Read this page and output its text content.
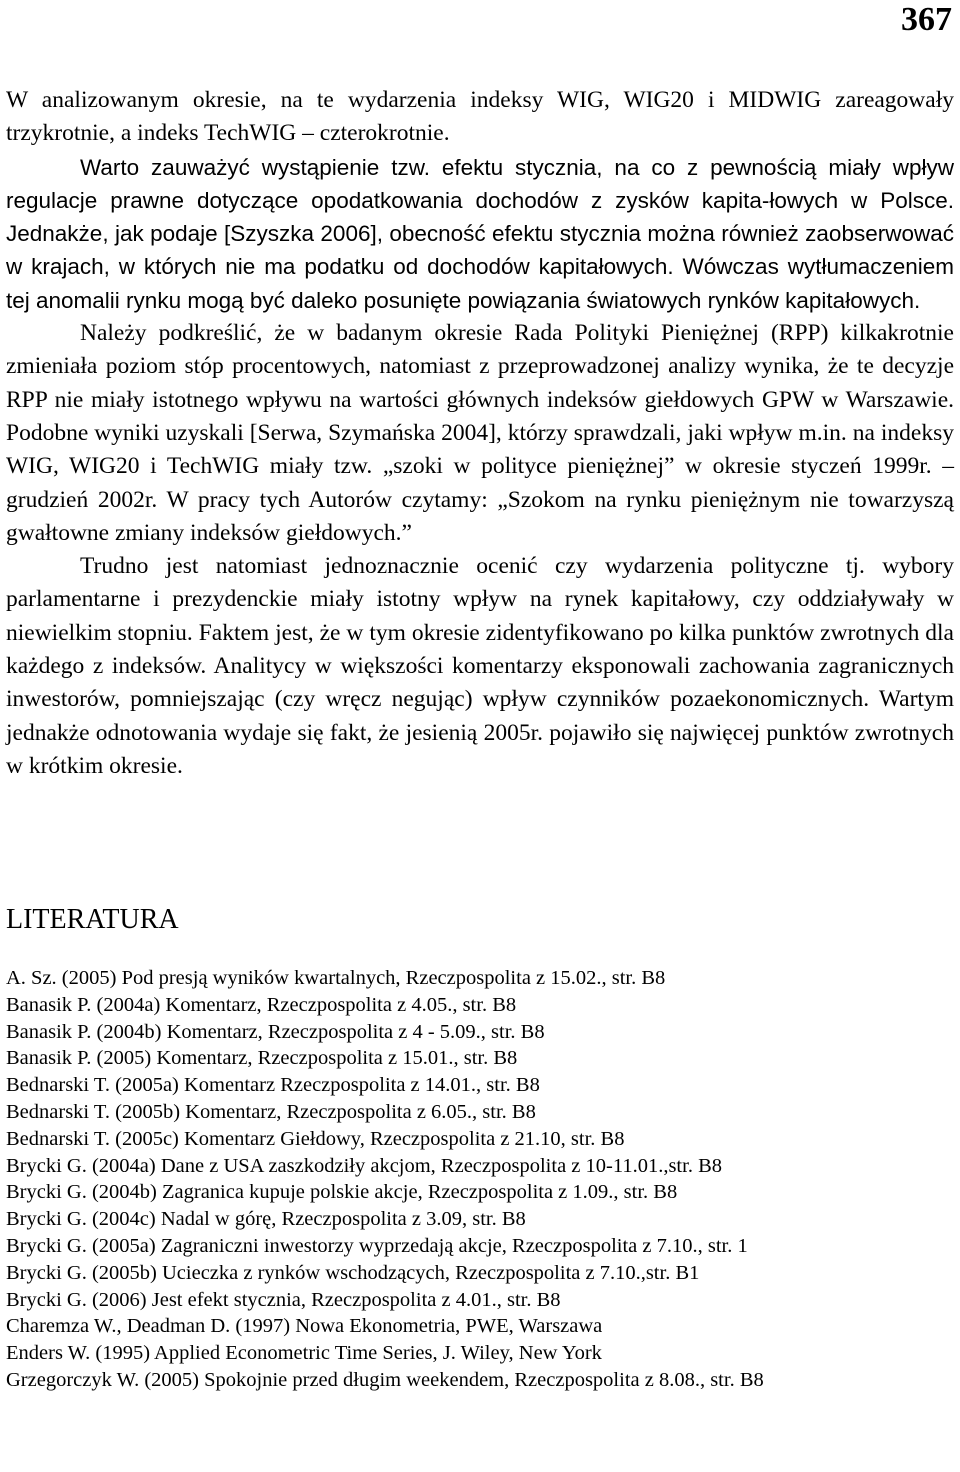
367

W analizowanym okresie, na te wydarzenia indeksy WIG, WIG20 i MIDWIG zareagowały trzykrotnie, a indeks TechWIG – czterokrotnie.

Warto zauważyć wystąpienie tzw. efektu stycznia, na co z pewnością miały wpływ regulacje prawne dotyczące opodatkowania dochodów z zysków kapita-łowych w Polsce. Jednakże, jak podaje [Szyszka 2006], obecność efektu stycznia można również zaobserwować w krajach, w których nie ma podatku od dochodów kapitałowych. Wówczas wytłumaczeniem tej anomalii rynku mogą być daleko posunięte powiązania światowych rynków kapitałowych.

Należy podkreślić, że w badanym okresie Rada Polityki Pieniężnej (RPP) kilkakrotnie zmieniała poziom stóp procentowych, natomiast z przeprowadzonej analizy wynika, że te decyzje RPP nie miały istotnego wpływu na wartości głównych indeksów giełdowych GPW w Warszawie. Podobne wyniki uzyskali [Serwa, Szymańska 2004], którzy sprawdzali, jaki wpływ m.in. na indeksy WIG, WIG20 i TechWIG miały tzw. „szoki w polityce pieniężnej” w okresie styczeń 1999r. – grudzień 2002r. W pracy tych Autorów czytamy: „Szokom na rynku pieniężnym nie towarzyszą gwałtowne zmiany indeksów giełdowych.”

Trudno jest natomiast jednoznacznie ocenić czy wydarzenia polityczne tj. wybory parlamentarne i prezydenckie miały istotny wpływ na rynek kapitałowy, czy oddziaływały w niewielkim stopniu. Faktem jest, że w tym okresie zidentyfikowano po kilka punktów zwrotnych dla każdego z indeksów. Analitycy w większości komentarzy eksponowali zachowania zagranicznych inwestorów, pomniejszając (czy wręcz negując) wpływ czynników pozaekonomicznych. Wartym jednakże odnotowania wydaje się fakt, że jesienią 2005r. pojawiło się najwięcej punktów zwrotnych w krótkim okresie.

LITERATURA
A. Sz. (2005) Pod presją wyników kwartalnych, Rzeczpospolita z 15.02., str. B8
Banasik P. (2004a) Komentarz, Rzeczpospolita z 4.05., str. B8
Banasik P. (2004b) Komentarz, Rzeczpospolita z 4 - 5.09., str. B8
Banasik P. (2005) Komentarz, Rzeczpospolita z 15.01., str. B8
Bednarski T. (2005a) Komentarz Rzeczpospolita z 14.01., str. B8
Bednarski T. (2005b) Komentarz, Rzeczpospolita z 6.05., str. B8
Bednarski T. (2005c) Komentarz Giełdowy, Rzeczpospolita z 21.10, str. B8
Brycki G. (2004a) Dane z USA zaszkodziły akcjom, Rzeczpospolita z 10-11.01.,str. B8
Brycki G. (2004b) Zagranica kupuje polskie akcje, Rzeczpospolita z 1.09., str. B8
Brycki G. (2004c) Nadal w górę, Rzeczpospolita z 3.09, str. B8
Brycki G. (2005a) Zagraniczni inwestorzy wyprzedają akcje, Rzeczpospolita z 7.10., str. 1
Brycki G. (2005b) Ucieczka z rynków wschodzących, Rzeczpospolita z 7.10.,str. B1
Brycki G. (2006) Jest efekt stycznia, Rzeczpospolita z 4.01., str. B8
Charemza W., Deadman D. (1997) Nowa Ekonometria, PWE, Warszawa
Enders W. (1995) Applied Econometric Time Series, J. Wiley, New York
Grzegorczyk W. (2005) Spokojnie przed długim weekendem, Rzeczpospolita z 8.08., str. B8
